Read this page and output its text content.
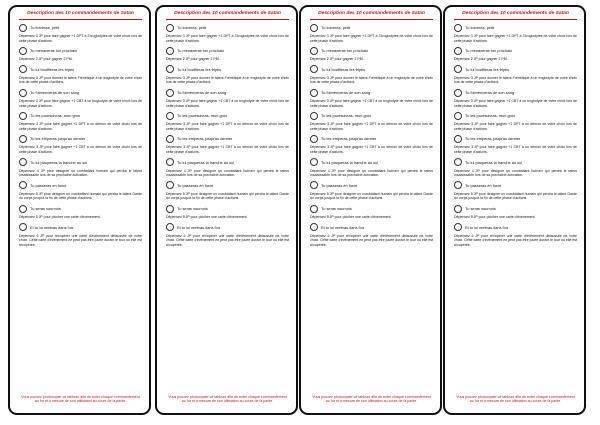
Description des 10 commandements de Satan
Tu forceras, petit
Dépensez 3 JP pour faire gagner +1 DPT à 3 troglodytes de votre choix lors de cette phase d'actions.
Tu menaceras ton prochain
Dépensez 2 JP pour gagner 2 PM.
Tu lui bouffleras les tripes
Dépensez 3 JP pour donner le talent Frénétique à un troglodyte de votre choix lors de cette phase d'actions.
Tu t'abreuveras de son sang
Dépensez 3 JP pour faire gagner +1 CBT à un troglodyte de votre choix lors de cette phase d'actions.
Tu les poursuivras, mon gros
Dépensez 3 JP pour faire gagner +1 DPT à un démon de votre choix lors de cette phase d'actions.
Tu les étriperas jusqu'au dernier
Dépensez 3 JP pour faire gagner +1 CBT à un démon de votre choix lors de cette phase d'actions.
Tu lui plaqueras la tranche au sol
Dépensez 4 JP pour désigner un combattant humain qui perdra le talent Insaisissable lors de sa prochaine activation.
Tu passeras en force
Dépensez 5 JP pour désigner un combattant humain qui perdra le talent Garde du corps jusqu'à la fin de cette phase d'actions.
Tu seras sournois
Dépensez 5 JP pour piocher une carte d'événement.
Et tu lui mettras dans l'os
Dépensez 6 JP pour récupérer une carte d'événement défaussée de votre choix. Cette carte d'événement ne peut pas être jouée durant le tour où elle est récupérée.
Vous pouvez photocopier ce tableau afin de noter chaque commandement au fur et à mesure de son utilisation au cours de la partie.
Description des 10 commandements de Satan
Tu forceras, petit
Dépensez 3 JP pour faire gagner +1 DPT à 3 troglodytes de votre choix lors de cette phase d'actions.
Tu menaceras ton prochain
Dépensez 2 JP pour gagner 2 PM.
Tu lui bouffleras les tripes
Dépensez 3 JP pour donner le talent Frénétique à un troglodyte de votre choix lors de cette phase d'actions.
Tu t'abreuveras de son sang
Dépensez 3 JP pour faire gagner +1 CBT à un troglodyte de votre choix lors de cette phase d'actions.
Tu les poursuivras, mon gros
Dépensez 3 JP pour faire gagner +1 DPT à un démon de votre choix lors de cette phase d'actions.
Tu les étriperas jusqu'au dernier
Dépensez 3 JP pour faire gagner +1 CBT à un démon de votre choix lors de cette phase d'actions.
Tu lui plaqueras la tranche au sol
Dépensez 4 JP pour désigner un combattant humain qui perdra le talent Insaisissable lors de sa prochaine activation.
Tu passeras en force
Dépensez 5 JP pour désigner un combattant humain qui perdra le talent Garde du corps jusqu'à la fin de cette phase d'actions.
Tu seras sournois
Dépensez 5 JP pour piocher une carte d'événement.
Et tu lui mettras dans l'os
Dépensez 6 JP pour récupérer une carte d'événement défaussée de votre choix. Cette carte d'événement ne peut pas être jouée durant le tour où elle est récupérée.
Vous pouvez photocopier ce tableau afin de noter chaque commandement au fur et à mesure de son utilisation au cours de la partie.
Description des 10 commandements de Satan
Tu forceras, petit
Dépensez 3 JP pour faire gagner +1 DPT à 3 troglodytes de votre choix lors de cette phase d'actions.
Tu menaceras ton prochain
Dépensez 2 JP pour gagner 2 PM.
Tu lui bouffleras les tripes
Dépensez 3 JP pour donner le talent Frénétique à un troglodyte de votre choix lors de cette phase d'actions.
Tu t'abreuveras de son sang
Dépensez 3 JP pour faire gagner +1 CBT à un troglodyte de votre choix lors de cette phase d'actions.
Tu les poursuivras, mon gros
Dépensez 3 JP pour faire gagner +1 DPT à un démon de votre choix lors de cette phase d'actions.
Tu les étriperas jusqu'au dernier
Dépensez 3 JP pour faire gagner +1 CBT à un démon de votre choix lors de cette phase d'actions.
Tu lui plaqueras la tranche au sol
Dépensez 4 JP pour désigner un combattant humain qui perdra le talent Insaisissable lors de sa prochaine activation.
Tu passeras en force
Dépensez 5 JP pour désigner un combattant humain qui perdra le talent Garde du corps jusqu'à la fin de cette phase d'actions.
Tu seras sournois
Dépensez 5 JP pour piocher une carte d'événement.
Et tu lui mettras dans l'os
Dépensez 6 JP pour récupérer une carte d'événement défaussée de votre choix. Cette carte d'événement ne peut pas être jouée durant le tour où elle est récupérée.
Vous pouvez photocopier ce tableau afin de noter chaque commandement au fur et à mesure de son utilisation au cours de la partie.
Description des 10 commandements de Satan
Tu forceras, petit
Dépensez 3 JP pour faire gagner +1 DPT à 3 troglodytes de votre choix lors de cette phase d'actions.
Tu menaceras ton prochain
Dépensez 2 JP pour gagner 2 PM.
Tu lui bouffleras les tripes
Dépensez 3 JP pour donner le talent Frénétique à un troglodyte de votre choix lors de cette phase d'actions.
Tu t'abreuveras de son sang
Dépensez 3 JP pour faire gagner +1 CBT à un troglodyte de votre choix lors de cette phase d'actions.
Tu les poursuivras, mon gros
Dépensez 3 JP pour faire gagner +1 DPT à un démon de votre choix lors de cette phase d'actions.
Tu les étriperas jusqu'au dernier
Dépensez 3 JP pour faire gagner +1 CBT à un démon de votre choix lors de cette phase d'actions.
Tu lui plaqueras la tranche au sol
Dépensez 4 JP pour désigner un combattant humain qui perdra le talent Insaisissable lors de sa prochaine activation.
Tu passeras en force
Dépensez 5 JP pour désigner un combattant humain qui perdra le talent Garde du corps jusqu'à la fin de cette phase d'actions.
Tu seras sournois
Dépensez 5 JP pour piocher une carte d'événement.
Et tu lui mettras dans l'os
Dépensez 6 JP pour récupérer une carte d'événement défaussée de votre choix. Cette carte d'événement ne peut pas être jouée durant le tour où elle est récupérée.
Vous pouvez photocopier ce tableau afin de noter chaque commandement au fur et à mesure de son utilisation au cours de la partie.
